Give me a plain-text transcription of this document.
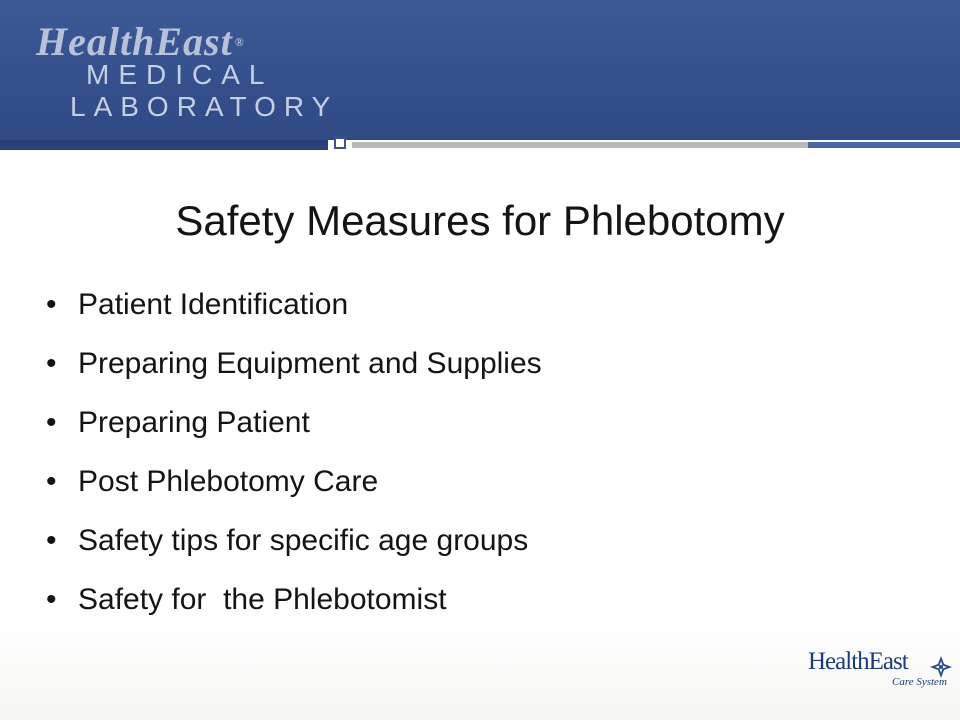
HealthEast ®
MEDICAL
LABORATORY
Safety Measures for Phlebotomy
• Patient Identification
• Preparing Equipment and Supplies
• Preparing Patient
• Post Phlebotomy Care
• Safety tips for specific age groups
• Safety for  the Phlebotomist
HealthEast
Care System
